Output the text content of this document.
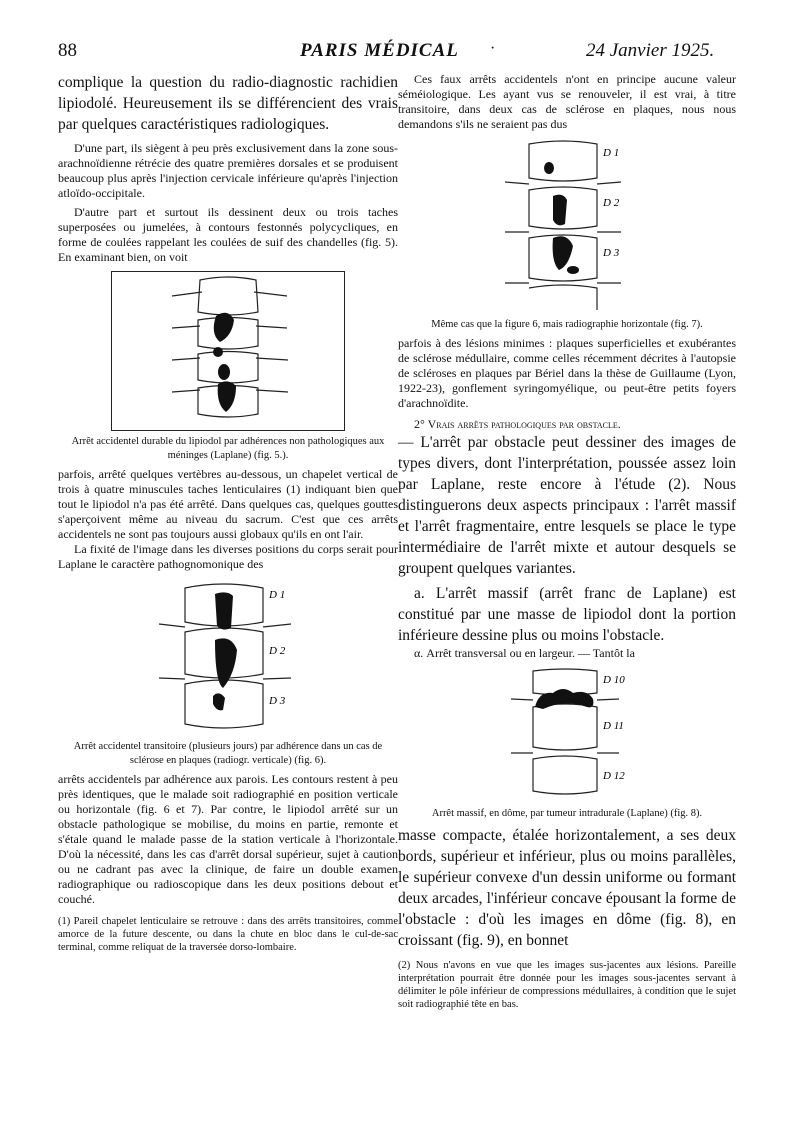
88	PARIS MÉDICAL ·	24 Janvier 1925.

complique la question du radio-diagnostic rachidien lipiodolé. Heureusement ils se différencient des vrais par quelques caractéristiques radiologiques.

D'une part, ils siègent à peu près exclusivement dans la zone sous-arachnoïdienne rétrécie des quatre premières dorsales et se produisent beaucoup plus après l'injection cervicale inférieure qu'après l'injection atloïdo-occipitale.

D'autre part et surtout ils dessinent deux ou trois taches superposées ou jumelées, à contours festonnés polycycliques, en forme de coulées rappelant les coulées de suif des chandelles (fig. 5). En examinant bien, on voit

Arrêt accidentel durable du lipiodol par adhérences non pathologiques aux méninges (Laplane) (fig. 5.).

parfois, arrêté quelques vertèbres au-dessous, un chapelet vertical de trois à quatre minuscules taches lenticulaires (1) indiquant bien que tout le lipiodol n'a pas été arrêté. Dans quelques cas, quelques gouttes s'aperçoivent même au niveau du sacrum. C'est que ces arrêts accidentels ne sont pas toujours aussi globaux qu'ils en ont l'air.

La fixité de l'image dans les diverses positions du corps serait pour Laplane le caractère pathognomonique des

D 1
D 2
D 3

Arrêt accidentel transitoire (plusieurs jours) par adhérence dans un cas de sclérose en plaques (radiogr. verticale) (fig. 6).

arrêts accidentels par adhérence aux parois. Les contours restent à peu près identiques, que le malade soit radiographié en position verticale ou horizontale (fig. 6 et 7). Par contre, le lipiodol arrêté sur un obstacle pathologique se mobilise, du moins en partie, remonte et s'étale quand le malade passe de la station verticale à l'horizontale. D'où la nécessité, dans les cas d'arrêt dorsal supérieur, sujet à caution ou ne cadrant pas avec la clinique, de faire un double examen radiographique ou radioscopique dans les deux positions debout et couché.

(1) Pareil chapelet lenticulaire se retrouve : dans des arrêts transitoires, comme amorce de la future descente, ou dans la chute en bloc dans le cul-de-sac terminal, comme reliquat de la traversée dorso-lombaire.

Ces faux arrêts accidentels n'ont en principe aucune valeur séméiologique. Les ayant vus se renouveler, il est vrai, à titre transitoire, dans deux cas de sclérose en plaques, nous nous demandons s'ils ne seraient pas dus

D 1
D 2
D 3

Même cas que la figure 6, mais radiographie horizontale (fig. 7).

parfois à des lésions minimes : plaques superficielles et exubérantes de sclérose médullaire, comme celles récemment décrites à l'autopsie de scléroses en plaques par Bériel dans la thèse de Guillaume (Lyon, 1922-23), gonflement syringomyélique, ou peut-être petits foyers d'arachnoïdite.

2° Vrais arrêts pathologiques par obstacle.

— L'arrêt par obstacle peut dessiner des images de types divers, dont l'interprétation, poussée assez loin par Laplane, reste encore à l'étude (2). Nous distinguerons deux aspects principaux : l'arrêt massif et l'arrêt fragmentaire, entre lesquels se place le type intermédiaire de l'arrêt mixte et autour desquels se groupent quelques variantes.

a. L'arrêt massif (arrêt franc de Laplane) est constitué par une masse de lipiodol dont la portion inférieure dessine plus ou moins l'obstacle.

α. Arrêt transversal ou en largeur. — Tantôt la

D 10
D 11
D 12

Arrêt massif, en dôme, par tumeur intradurale (Laplane) (fig. 8).

masse compacte, étalée horizontalement, a ses deux bords, supérieur et inférieur, plus ou moins parallèles, le supérieur convexe d'un dessin uniforme ou formant deux arcades, l'inférieur concave épousant la forme de l'obstacle : d'où les images en dôme (fig. 8), en croissant (fig. 9), en bonnet

(2) Nous n'avons en vue que les images sus-jacentes aux lésions. Pareille interprétation pourrait être donnée pour les images sous-jacentes servant à délimiter le pôle inférieur de compressions médullaires, à condition que le sujet soit radiographié tête en bas.
